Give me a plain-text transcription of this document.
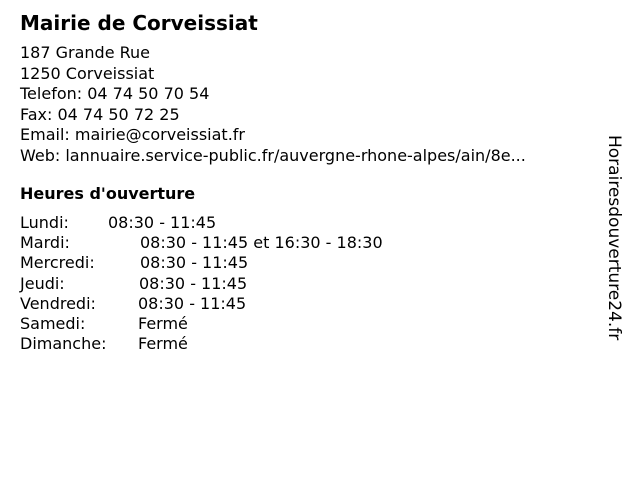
Mairie de Corveissiat
187 Grande Rue
1250 Corveissiat
Telefon: 04 74 50 70 54
Fax: 04 74 50 72 25
Email: mairie@corveissiat.fr
Web: lannuaire.service-public.fr/auvergne-rhone-alpes/ain/8e...
Heures d'ouverture
Lundi: 08:30 - 11:45
Mardi:	08:30 - 11:45 et 16:30 - 18:30
Mercredi:	08:30 - 11:45
Jeudi:	08:30 - 11:45
Vendredi:	08:30 - 11:45
Samedi:	Fermé
Dimanche: Fermé
Horairesdouverture24.fr
